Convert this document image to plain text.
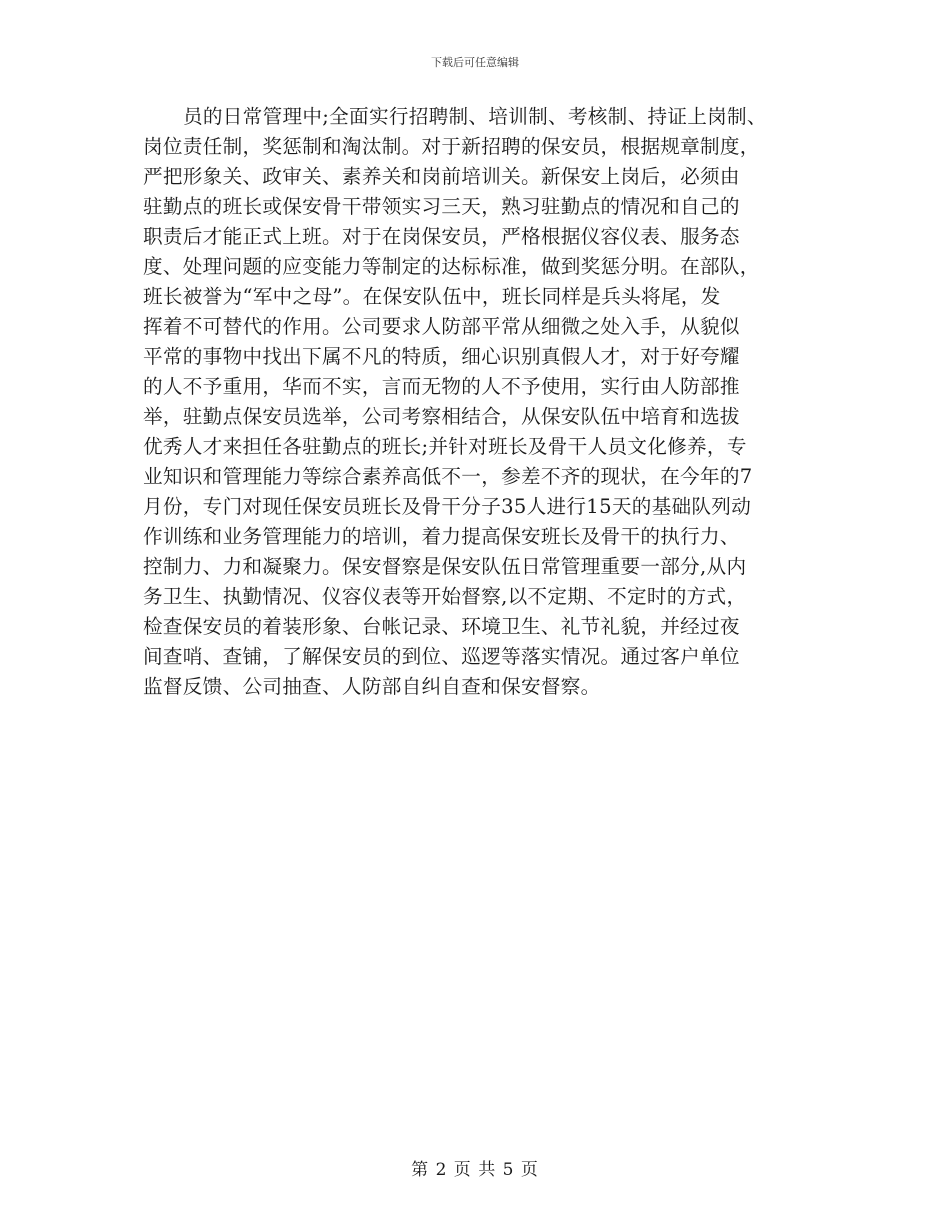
下载后可任意编辑
员的日常管理中;全面实行招聘制、培训制、考核制、持证上岗制、
岗位责任制，奖惩制和淘汰制。对于新招聘的保安员，根据规章制度，
严把形象关、政审关、素养关和岗前培训关。新保安上岗后，必须由
驻勤点的班长或保安骨干带领实习三天，熟习驻勤点的情况和自己的
职责后才能正式上班。对于在岗保安员，严格根据仪容仪表、服务态
度、处理问题的应变能力等制定的达标标准，做到奖惩分明。在部队，
班长被誉为“军中之母”。在保安队伍中，班长同样是兵头将尾，发
挥着不可替代的作用。公司要求人防部平常从细微之处入手，从貌似
平常的事物中找出下属不凡的特质，细心识别真假人才，对于好夸耀
的人不予重用，华而不实，言而无物的人不予使用，实行由人防部推
举，驻勤点保安员选举，公司考察相结合，从保安队伍中培育和选拔
优秀人才来担任各驻勤点的班长;并针对班长及骨干人员文化修养，专
业知识和管理能力等综合素养高低不一，参差不齐的现状，在今年的7
月份，专门对现任保安员班长及骨干分子35人进行15天的基础队列动
作训练和业务管理能力的培训，着力提高保安班长及骨干的执行力、
控制力、力和凝聚力。保安督察是保安队伍日常管理重要一部分,从内
务卫生、执勤情况、仪容仪表等开始督察,以不定期、不定时的方式，
检查保安员的着装形象、台帐记录、环境卫生、礼节礼貌，并经过夜
间查哨、查铺，了解保安员的到位、巡逻等落实情况。通过客户单位
监督反馈、公司抽查、人防部自纠自查和保安督察。
第 2 页 共 5 页
